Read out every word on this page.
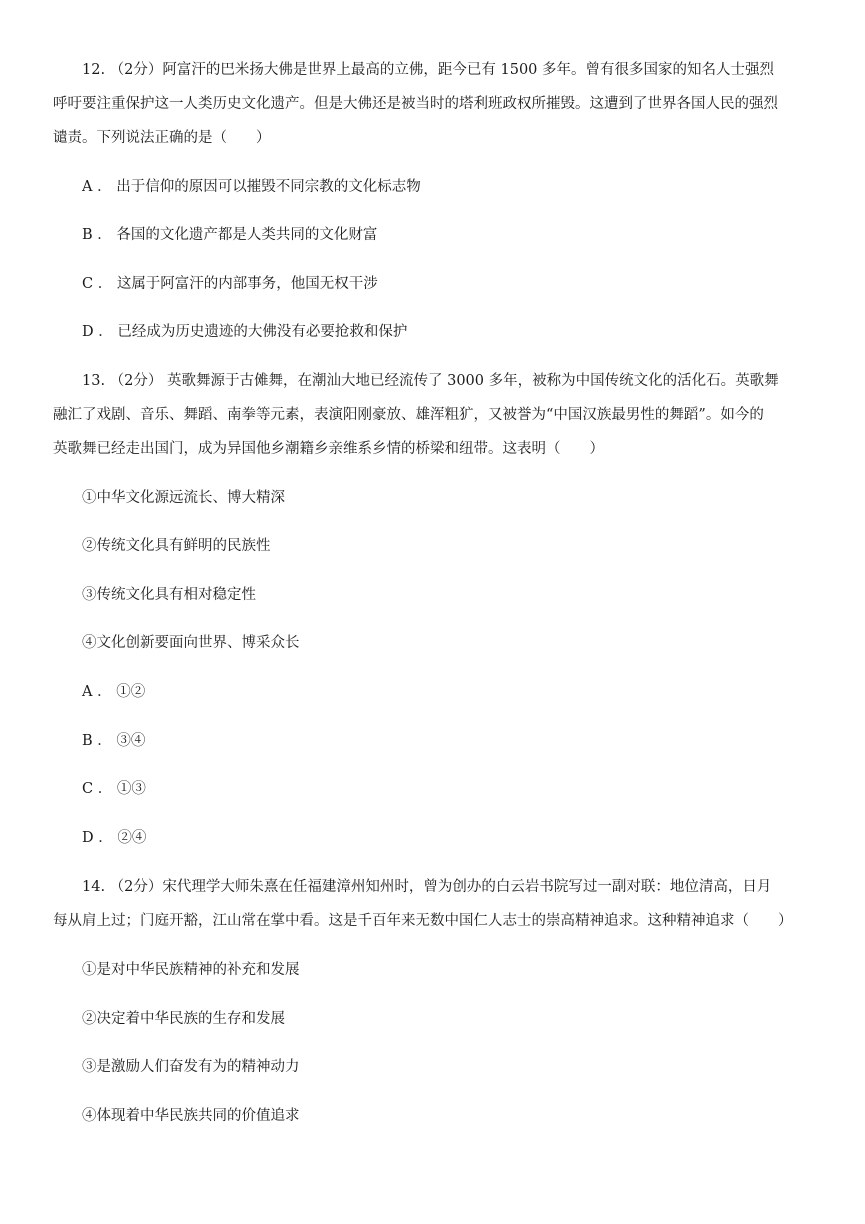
12. （2分）阿富汗的巴米扬大佛是世界上最高的立佛，距今已有 1500 多年。曾有很多国家的知名人士强烈
呼吁要注重保护这一人类历史文化遗产。但是大佛还是被当时的塔利班政权所摧毁。这遭到了世界各国人民的强烈
谴责。下列说法正确的是（　　）
A ． 出于信仰的原因可以摧毁不同宗教的文化标志物
B ． 各国的文化遗产都是人类共同的文化财富
C ． 这属于阿富汗的内部事务，他国无权干涉
D ． 已经成为历史遗迹的大佛没有必要抢救和保护
13. （2分） 英歌舞源于古傩舞，在潮汕大地已经流传了 3000 多年，被称为中国传统文化的活化石。英歌舞
融汇了戏剧、音乐、舞蹈、南拳等元素，表演阳刚豪放、雄浑粗犷，又被誉为“中国汉族最男性的舞蹈”。如今的
英歌舞已经走出国门，成为异国他乡潮籍乡亲维系乡情的桥梁和纽带。这表明（　　）
①中华文化源远流长、博大精深
②传统文化具有鲜明的民族性
③传统文化具有相对稳定性
④文化创新要面向世界、博采众长
A ． ①②
B ． ③④
C ． ①③
D ． ②④
14. （2分）宋代理学大师朱熹在任福建漳州知州时，曾为创办的白云岩书院写过一副对联：地位清高，日月
每从肩上过；门庭开豁，江山常在掌中看。这是千百年来无数中国仁人志士的崇高精神追求。这种精神追求（　　）
①是对中华民族精神的补充和发展
②决定着中华民族的生存和发展
③是激励人们奋发有为的精神动力
④体现着中华民族共同的价值追求
